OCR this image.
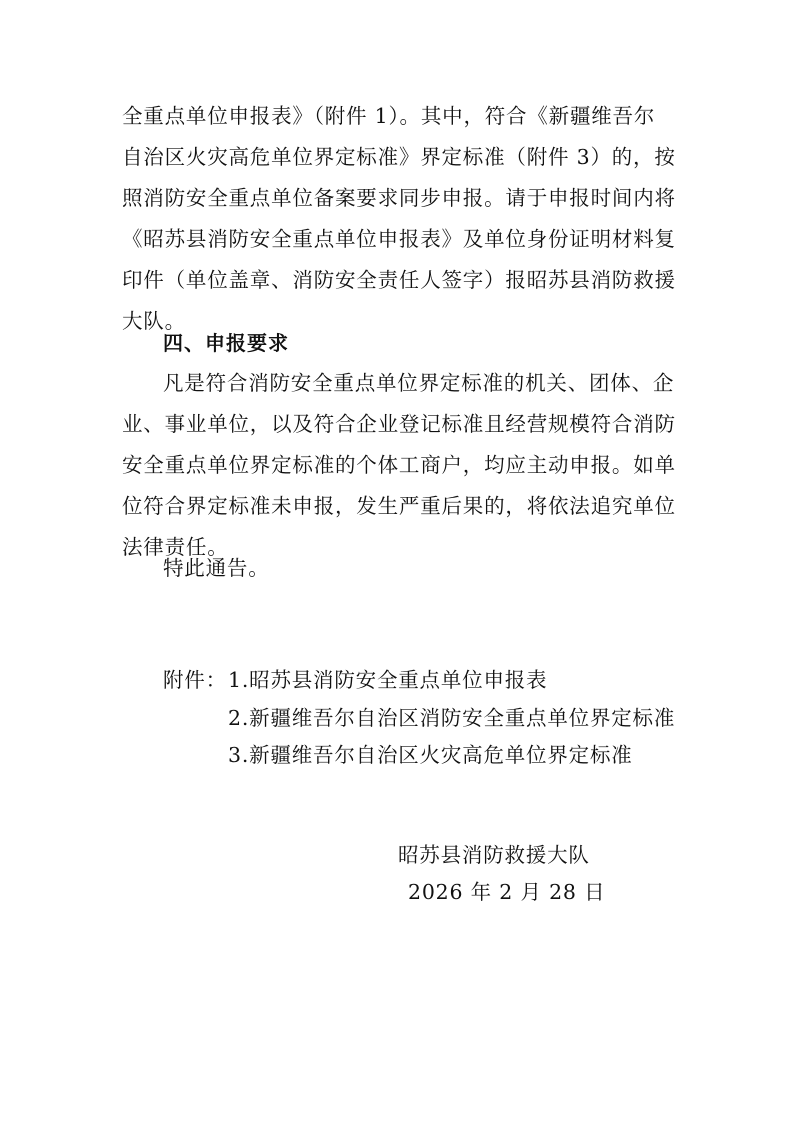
全重点单位申报表》（附件 1）。其中，符合《新疆维吾尔
自治区火灾高危单位界定标准》界定标准（附件 3）的，按
照消防安全重点单位备案要求同步申报。请于申报时间内将
《昭苏县消防安全重点单位申报表》及单位身份证明材料复
印件（单位盖章、消防安全责任人签字）报昭苏县消防救援
大队。
四、申报要求
凡是符合消防安全重点单位界定标准的机关、团体、企
业、事业单位，以及符合企业登记标准且经营规模符合消防
安全重点单位界定标准的个体工商户，均应主动申报。如单
位符合界定标准未申报，发生严重后果的，将依法追究单位
法律责任。
特此通告。
附件： 1.昭苏县消防安全重点单位申报表
2.新疆维吾尔自治区消防安全重点单位界定标准
3.新疆维吾尔自治区火灾高危单位界定标准
昭苏县消防救援大队
2026 年 2 月 28 日
